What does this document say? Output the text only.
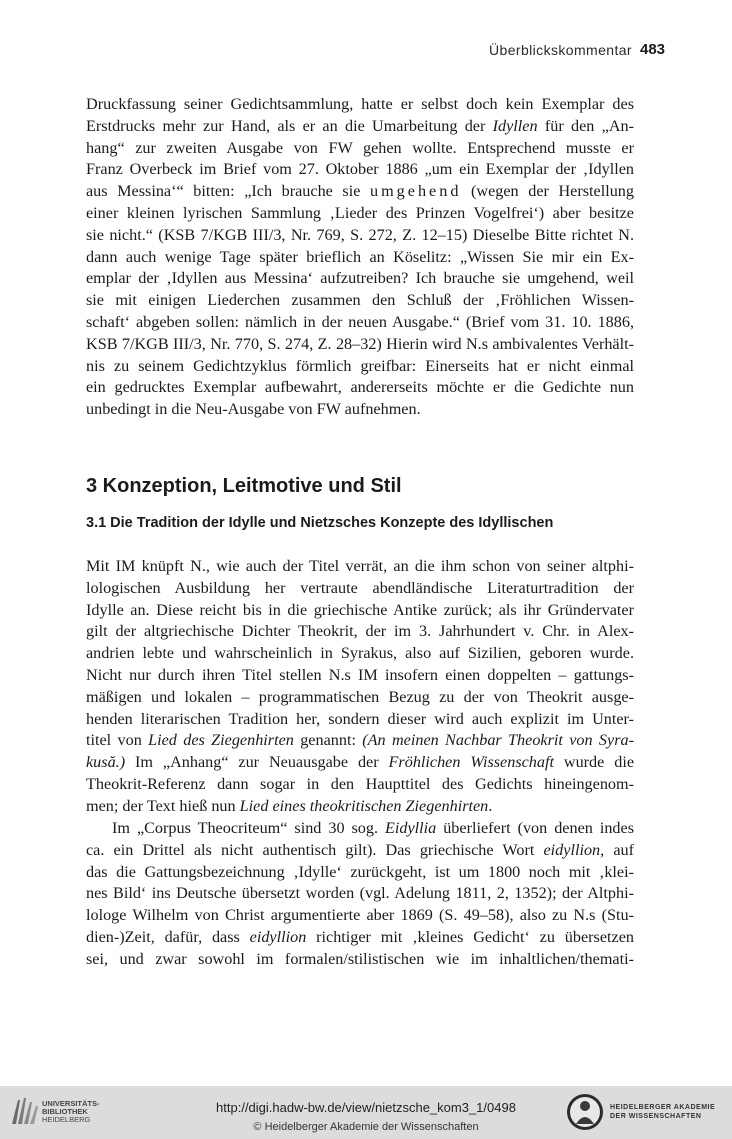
Überblickskommentar 483
Druckfassung seiner Gedichtsammlung, hatte er selbst doch kein Exemplar des
Erstdrucks mehr zur Hand, als er an die Umarbeitung der Idyllen für den „An-
hang“ zur zweiten Ausgabe von FW gehen wollte. Entsprechend musste er
Franz Overbeck im Brief vom 27. Oktober 1886 „um ein Exemplar der ‚Idyllen
aus Messina‘“ bitten: „Ich brauche sie umgehend (wegen der Herstellung
einer kleinen lyrischen Sammlung ‚Lieder des Prinzen Vogelfrei‘) aber besitze
sie nicht.“ (KSB 7/KGB III/3, Nr. 769, S. 272, Z. 12–15) Dieselbe Bitte richtet N.
dann auch wenige Tage später brieflich an Köselitz: „Wissen Sie mir ein Ex-
emplar der ‚Idyllen aus Messina‘ aufzutreiben? Ich brauche sie umgehend, weil
sie mit einigen Liederchen zusammen den Schluß der ‚Fröhlichen Wissen-
schaft‘ abgeben sollen: nämlich in der neuen Ausgabe.“ (Brief vom 31. 10. 1886,
KSB 7/KGB III/3, Nr. 770, S. 274, Z. 28–32) Hierin wird N.s ambivalentes Verhält-
nis zu seinem Gedichtzyklus förmlich greifbar: Einerseits hat er nicht einmal
ein gedrucktes Exemplar aufbewahrt, andererseits möchte er die Gedichte nun
unbedingt in die Neu-Ausgabe von FW aufnehmen.
3 Konzeption, Leitmotive und Stil
3.1 Die Tradition der Idylle und Nietzsches Konzepte des Idyllischen
Mit IM knüpft N., wie auch der Titel verrät, an die ihm schon von seiner altphi-
lologischen Ausbildung her vertraute abendländische Literaturtradition der
Idylle an. Diese reicht bis in die griechische Antike zurück; als ihr Gründervater
gilt der altgriechische Dichter Theokrit, der im 3. Jahrhundert v. Chr. in Alex-
andrien lebte und wahrscheinlich in Syrakus, also auf Sizilien, geboren wurde.
Nicht nur durch ihren Titel stellen N.s IM insofern einen doppelten – gattungs-
mäßigen und lokalen – programmatischen Bezug zu der von Theokrit ausge-
henden literarischen Tradition her, sondern dieser wird auch explizit im Unter-
titel von Lied des Ziegenhirten genannt: (An meinen Nachbar Theokrit von Syra-
kusă.) Im „Anhang“ zur Neuausgabe der Fröhlichen Wissenschaft wurde die
Theokrit-Referenz dann sogar in den Haupttitel des Gedichts hineingenom-
men; der Text hieß nun Lied eines theokritischen Ziegenhirten.
Im „Corpus Theocriteum“ sind 30 sog. Eidyllia überliefert (von denen indes
ca. ein Drittel als nicht authentisch gilt). Das griechische Wort eidyllion, auf
das die Gattungsbezeichnung ‚Idylle‘ zurückgeht, ist um 1800 noch mit ‚klei-
nes Bild‘ ins Deutsche übersetzt worden (vgl. Adelung 1811, 2, 1352); der Altphi-
lologe Wilhelm von Christ argumentierte aber 1869 (S. 49–58), also zu N.s (Stu-
dien-)Zeit, dafür, dass eidyllion richtiger mit ‚kleines Gedicht‘ zu übersetzen
sei, und zwar sowohl im formalen/stilistischen wie im inhaltlichen/themati-
UNIVERSITÄTS-
BIBLIOTHEK
HEIDELBERG
http://digi.hadw-bw.de/view/nietzsche_kom3_1/0498
© Heidelberger Akademie der Wissenschaften
HEIDELBERGER AKADEMIE
DER WISSENSCHAFTEN
